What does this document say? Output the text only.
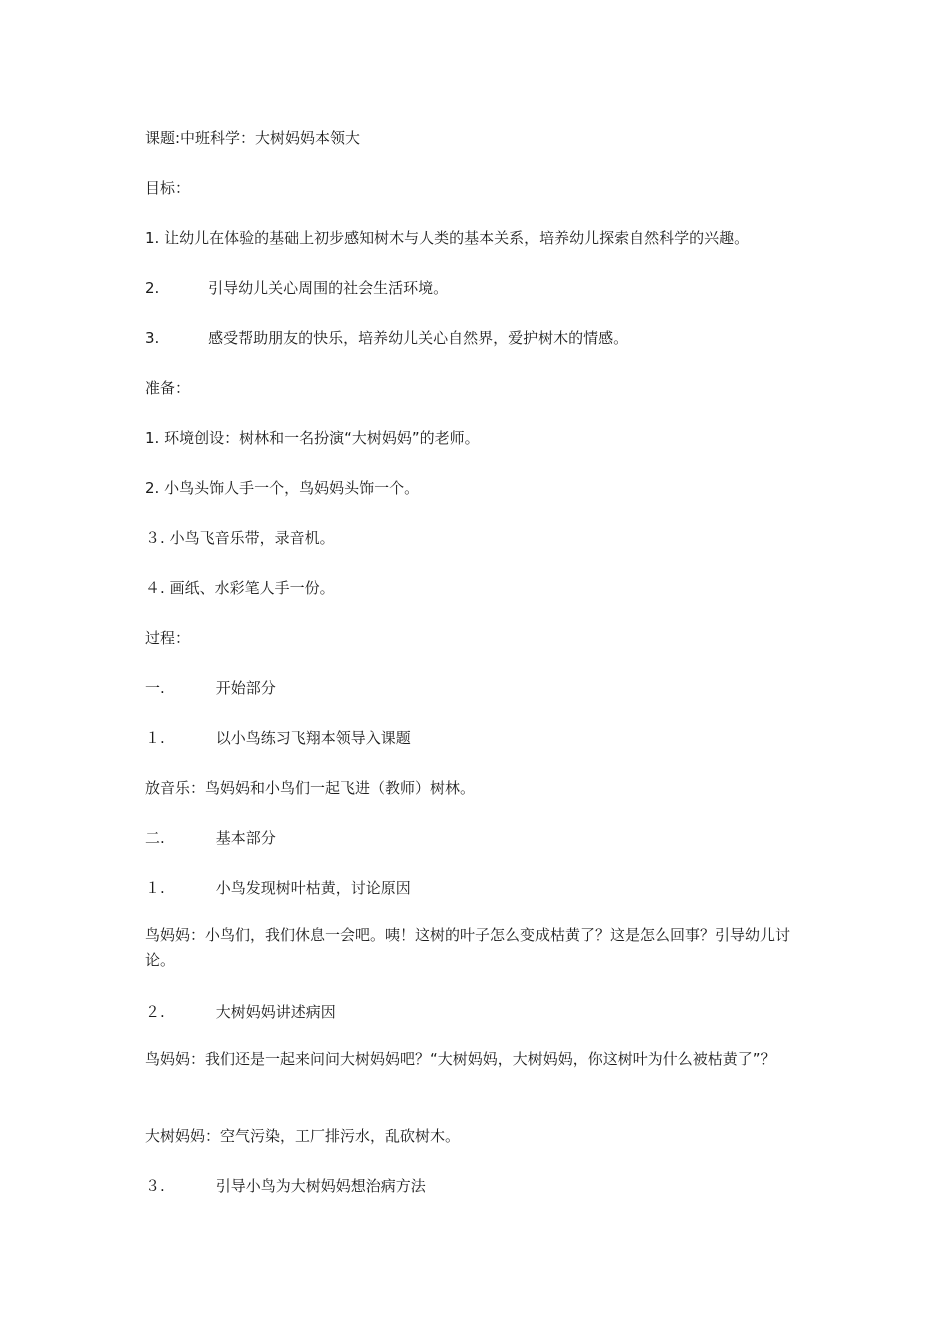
课题:中班科学：大树妈妈本领大
目标：
1. 让幼儿在体验的基础上初步感知树木与人类的基本关系，培养幼儿探索自然科学的兴趣。
2.	引导幼儿关心周围的社会生活环境。
3.	感受帮助朋友的快乐，培养幼儿关心自然界，爱护树木的情感。
准备：
1. 环境创设：树林和一名扮演“大树妈妈”的老师。
2. 小鸟头饰人手一个，鸟妈妈头饰一个。
３. 小鸟飞音乐带，录音机。
４. 画纸、水彩笔人手一份。
过程：
一.	开始部分
１.	以小鸟练习飞翔本领导入课题
放音乐：鸟妈妈和小鸟们一起飞进（教师）树林。
二.	基本部分
１.	小鸟发现树叶枯黄，讨论原因
鸟妈妈：小鸟们，我们休息一会吧。咦！这树的叶子怎么变成枯黄了？这是怎么回事？引导幼儿讨论。
２.	大树妈妈讲述病因
鸟妈妈：我们还是一起来问问大树妈妈吧？“大树妈妈，大树妈妈，你这树叶为什么被枯黄了”？
大树妈妈：空气污染，工厂排污水，乱砍树木。
３.	引导小鸟为大树妈妈想治病方法
